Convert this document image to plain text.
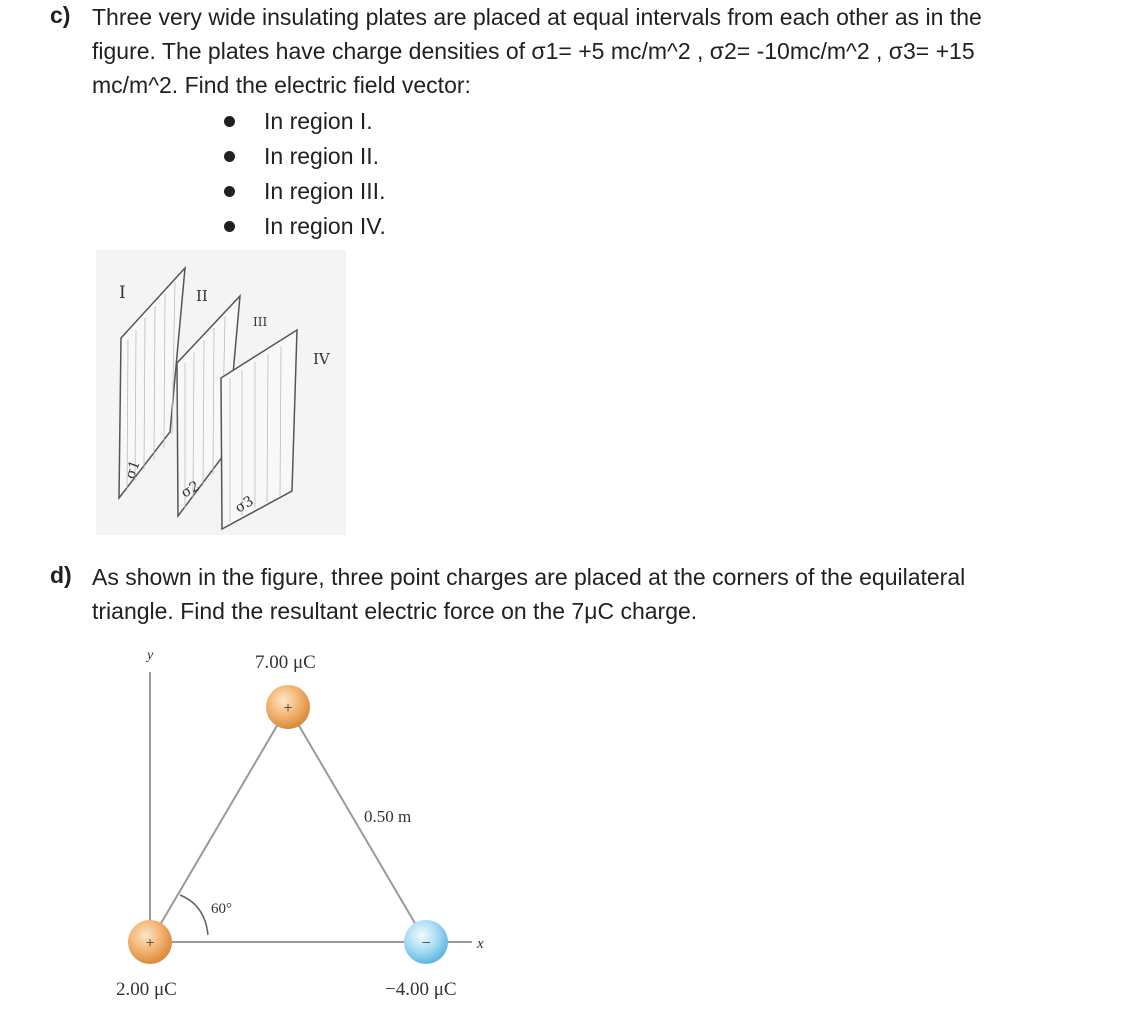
c) Three very wide insulating plates are placed at equal intervals from each other as in the

figure. The plates have charge densities of σ1= +5 mc/m^2 , σ2= -10mc/m^2 , σ3= +15

mc/m^2. Find the electric field vector:

In region I.
In region II.
In region III.
In region IV.
I	II
III
IV
σ1
σ2
σ3
d) As shown in the figure, three point charges are placed at the corners of the equilateral

triangle. Find the resultant electric force on the 7μC charge.

60°
y
x
+
+	−
7.00 μC
2.00 μC	−4.00 μC
0.50 m
